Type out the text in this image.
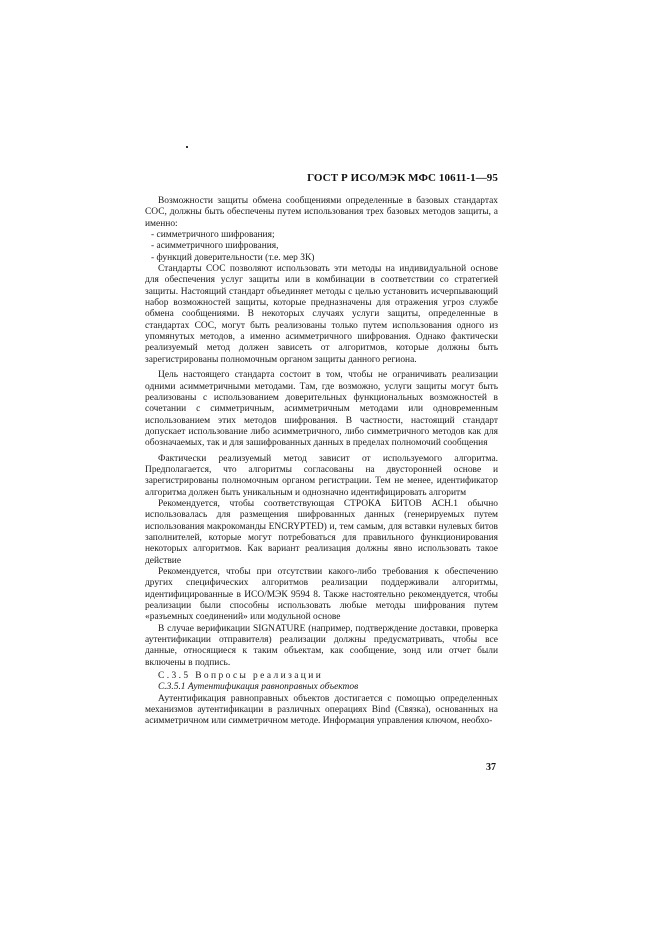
ГОСТ Р ИСО/МЭК МФС 10611-1—95

Возможности защиты обмена сообщениями определенные в базовых стандартах СОС, должны быть обеспечены путем использования трех базовых методов защиты, а именно:

- симметричного шифрования;

- асимметричного шифрования,

- функций доверительности (т.е. мер ЗК)

Стандарты СОС позволяют использовать эти методы на индивидуальной основе для обеспечения услуг защиты или в комбинации в соответствии со стратегией защиты. Настоящий стандарт объединяет методы с целью установить исчерпывающий набор возможностей защиты, которые предназначены для отражения угроз службе обмена сообщениями. В некоторых случаях услуги защиты, определенные в стандартах СОС, могут быть реализованы только путем использования одного из упомянутых методов, а именно асимметричного шифрования. Однако фактически реализуемый метод должен зависеть от алгоритмов, которые должны быть зарегистрированы полномочным органом защиты данного региона.

Цель настоящего стандарта состоит в том, чтобы не ограничивать реализации одними асимметричными методами. Там, где возможно, услуги защиты могут быть реализованы с использованием доверительных функциональных возможностей в сочетании с симметричным, асимметричным методами или одновременным использованием этих методов шифрования. В частности, настоящий стандарт допускает использование либо асимметричного, либо симметричного методов как для обозначаемых, так и для зашифрованных данных в пределах полномочий сообщения

Фактически реализуемый метод зависит от используемого алгоритма. Предполагается, что алгоритмы согласованы на двусторонней основе и зарегистрированы полномочным органом регистрации. Тем не менее, идентификатор алгоритма должен быть уникальным и однозначно идентифицировать алгоритм

Рекомендуется, чтобы соответствующая СТРОКА БИТОВ АСН.1 обычно использовалась для размещения шифрованных данных (генерируемых путем использования макрокоманды ENCRYPTED) и, тем самым, для вставки нулевых битов заполнителей, которые могут потребоваться для правильного функционирования некоторых алгоритмов. Как вариант реализация должны явно использовать такое действие

Рекомендуется, чтобы при отсутствии какого-либо требования к обеспечению других специфических алгоритмов реализации поддерживали алгоритмы, идентифицированные в ИСО/МЭК 9594 8. Также настоятельно рекомендуется, чтобы реализации были способны использовать любые методы шифрования путем «разъемных соединений» или модульной основе

В случае верификации SIGNATURE (например, подтверждение доставки, проверка аутентификации отправителя) реализации должны предусматривать, чтобы все данные, относящиеся к таким объектам, как сообщение, зонд или отчет были включены в подпись.

С.3.5 Вопросы реализации

С.3.5.1 Аутентификация равноправных объектов

Аутентификация равноправных объектов достигается с помощью определенных механизмов аутентификации в различных операциях Bind (Связка), основанных на асимметричном или симметричном методе. Информация управления ключом, необхо-

37
